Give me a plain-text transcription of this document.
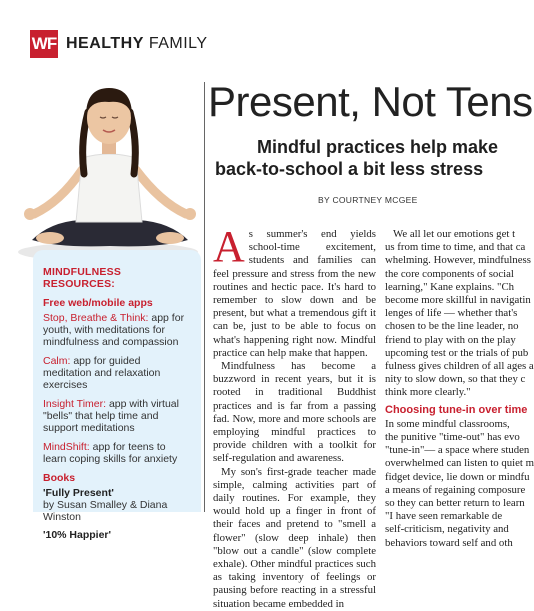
WF HEALTHY FAMILY
MINDFULNESS
RESOURCES:
Free web/mobile apps
Stop, Breathe & Think: app for youth, with meditations for mindfulness and compassion
Calm: app for guided meditation and relaxation exercises
Insight Timer: app with virtual "bells" that help time and support meditations
MindShift: app for teens to learn coping skills for anxiety
Books
'Fully Present'
by Susan Smalley & Diana Winston
'10% Happier'
Present, Not Tens
Mindful practices help make
back-to-school a bit less stress
BY COURTNEY MCGEE

As summer's end yields school-time excitement, students and families can feel pressure and stress from the new routines and hectic pace. It's hard to remember to slow down and be present, but what a tremendous gift it can be, just to be able to focus on what's happening right now. Mindful practice can help make that happen.

Mindfulness has become a buzzword in recent years, but it is rooted in traditional Buddhist practices and is far from a passing fad. Now, more and more schools are employing mindful practices to provide children with a toolkit for self-regulation and awareness.

My son's first-grade teacher made simple, calming activities part of daily routines. For example, they would hold up a finger in front of their faces and pretend to "smell a flower" (slow deep inhale) then "blow out a candle" (slow complete exhale). Other mindful practices such as taking inventory of feelings or pausing before reacting in a stressful situation became embedded in

We all let our emotions get t

us from time to time, and that ca

whelming. However, mindfulness

the core components of social

learning," Kane explains. "Ch

become more skillful in navigatin

lenges of life — whether that's

chosen to be the line leader, no

friend to play with on the play

upcoming test or the trials of pub

fulness gives children of all ages a

nity to slow down, so that they c

think more clearly."

Choosing tune-in over time

In some mindful classrooms,

the punitive "time-out" has evo

"tune-in"— a space where studen

overwhelmed can listen to quiet m

fidget device, lie down or mindfu

a means of regaining composure

so they can better return to learn

"I have seen remarkable de

self-criticism, negativity and

behaviors toward self and oth
